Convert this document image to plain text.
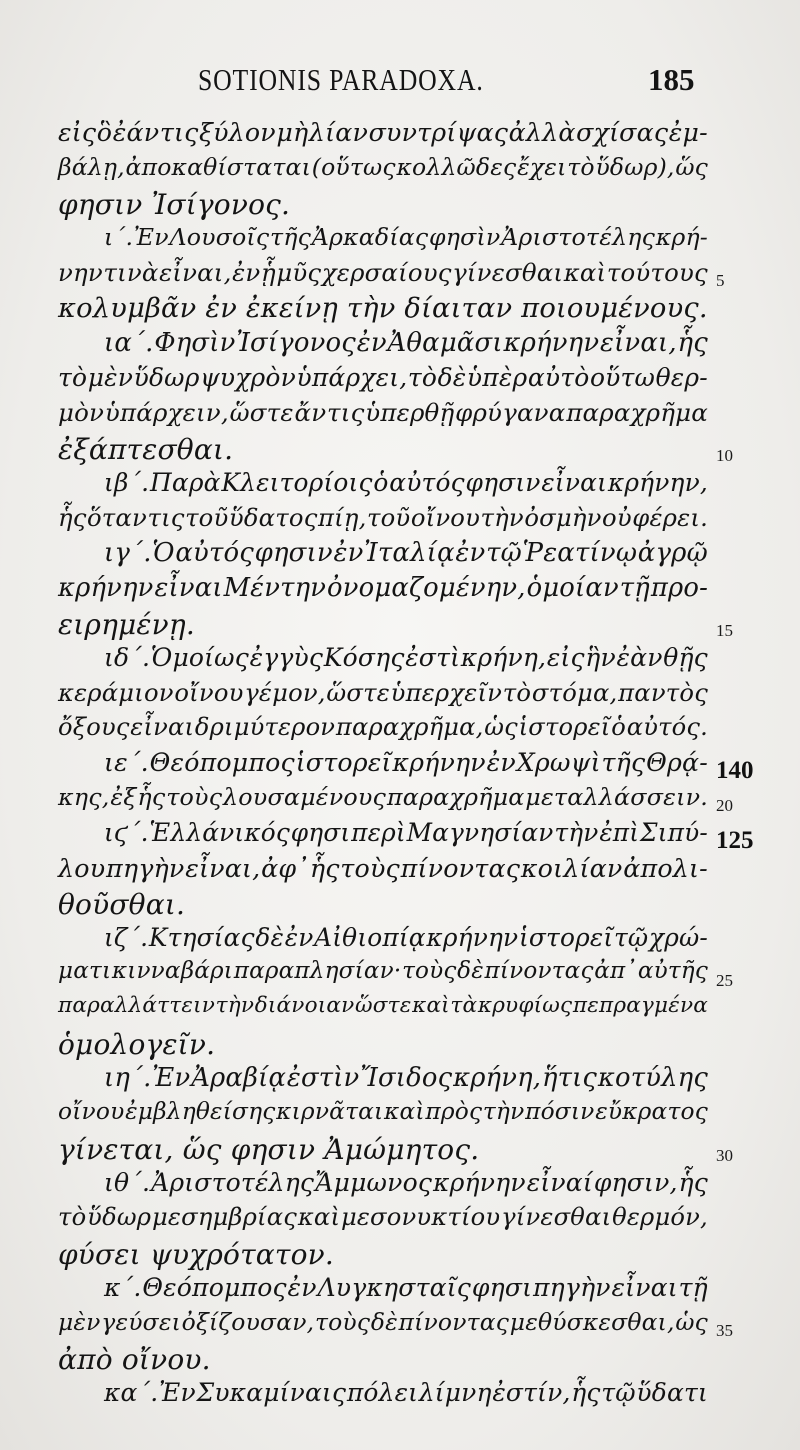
SOTIONIS PARADOXA.	185
εἰς ὃ ἐάν τις ξύλον μὴ λίαν συντρίψας ἀλλὰ σχίσας ἐμ-
βάλῃ, ἀποκαθίσταται (οὕτως κολλῶδες ἔχει τὸ ὕδωρ), ὥς
φησιν Ἰσίγονος.
ι΄. Ἐν Λουσοῖς τῆς Ἀρκαδίας φησὶν Ἀριστοτέλης κρή-
νην τινὰ εἶναι, ἐν ᾗ μῦς χερσαίους γίνεσθαι καὶ τούτους
κολυμβᾶν ἐν ἐκείνῃ τὴν δίαιταν ποιουμένους.
ια΄. Φησὶν Ἰσίγονος ἐν Ἀθαμᾶσι κρήνην εἶναι, ἧς
τὸ μὲν ὕδωρ ψυχρὸν ὑπάρχει, τὸ δὲ ὑπὲρ αὐτὸ οὕτω θερ-
μὸν ὑπάρχειν, ὥστε ἄν τις ὑπερθῇ φρύγανα παραχρῆμα
ἐξάπτεσθαι.
ιβ΄. Παρὰ Κλειτορίοις ὁ αὐτός φησιν εἶναι κρήνην,
ἧς ὅταν τις τοῦ ὕδατος πίῃ, τοῦ οἴνου τὴν ὀσμὴν οὐ φέρει.
ιγ΄. Ὁ αὐτός φησιν ἐν Ἰταλίᾳ ἐν τῷ Ῥεατίνῳ ἀγρῷ
κρήνην εἶναι Μέντην ὀνομαζομένην, ὁμοίαν τῇ προ-
ειρημένῃ.
ιδ΄. Ὁμοίως ἐγγὺς Κόσης ἐστὶ κρήνη, εἰς ἣν ἐὰν θῇς
κεράμιον οἴνου γέμον, ὥστε ὑπερχεῖν τὸ στόμα, παντὸς
ὄξους εἶναι δριμύτερον παραχρῆμα, ὡς ἱστορεῖ ὁ αὐτός.
ιε΄. Θεόπομπος ἱστορεῖ κρήνην ἐν Χρωψὶ τῆς Θρᾴ-
κης, ἐξ ἧς τοὺς λουσαμένους παραχρῆμα μεταλλάσσειν.
ιϛ΄. Ἑλλάνικός φησι περὶ Μαγνησίαν τὴν ἐπὶ Σιπύ-
λου πηγὴν εἶναι, ἀφ᾽ ἧς τοὺς πίνοντας κοιλίαν ἀπολι-
θοῦσθαι.
ιζ΄. Κτησίας δὲ ἐν Αἰθιοπίᾳ κρήνην ἱστορεῖ τῷ χρώ-
ματι κινναβάρι παραπλησίαν· τοὺς δὲ πίνοντας ἀπ᾽ αὐτῆς
παραλλάττειν τὴν διάνοιαν ὥστε καὶ τὰ κρυφίως πεπραγμένα
ὁμολογεῖν.
ιη΄. Ἐν Ἀραβίᾳ ἐστὶν Ἴσιδος κρήνη, ἥτις κοτύλης
οἴνου ἐμβληθείσης κιρνᾶται καὶ πρὸς τὴν πόσιν εὔκρατος
γίνεται, ὥς φησιν Ἀμώμητος.
ιθ΄. Ἀριστοτέλης Ἄμμωνος κρήνην εἶναί φησιν, ἧς
τὸ ὕδωρ μεσημβρίας καὶ μεσονυκτίου γίνεσθαι θερμόν,
φύσει ψυχρότατον.
κ΄. Θεόπομπος ἐν Λυγκησταῖς φησι πηγὴν εἶναι τῇ
μὲν γεύσει ὀξίζουσαν, τοὺς δὲ πίνοντας μεθύσκεσθαι, ὡς
ἀπὸ οἴνου.
κα΄. Ἐν Συκαμίναις πόλει λίμνη ἐστίν, ἧς τῷ ὕδατι
5
10
15
20
25
30
35
140
125
